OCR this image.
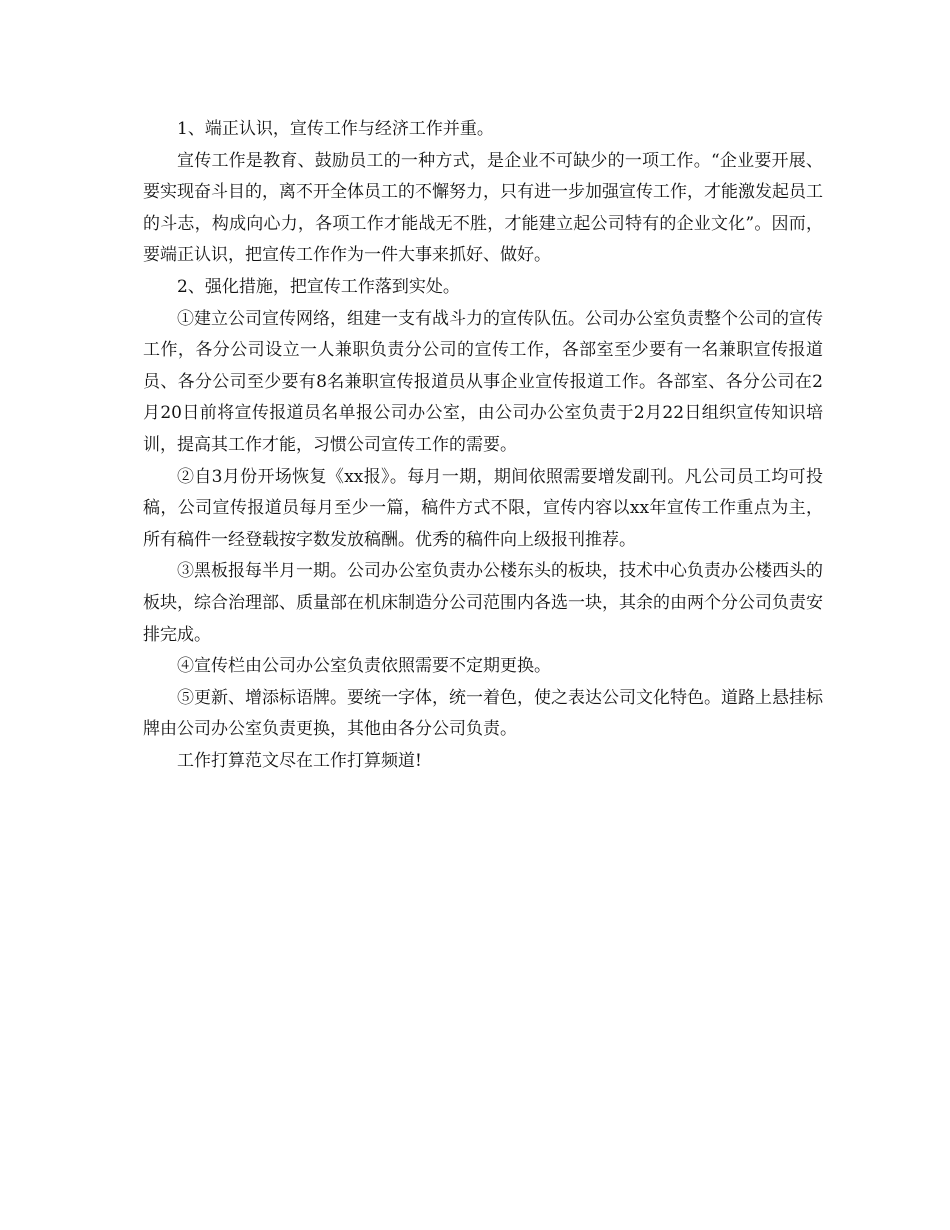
1、端正认识，宣传工作与经济工作并重。

宣传工作是教育、鼓励员工的一种方式，是企业不可缺少的一项工作。“企业要开展、要实现奋斗目的，离不开全体员工的不懈努力，只有进一步加强宣传工作，才能激发起员工的斗志，构成向心力，各项工作才能战无不胜，才能建立起公司特有的企业文化”。因而，要端正认识，把宣传工作作为一件大事来抓好、做好。

2、强化措施，把宣传工作落到实处。

①建立公司宣传网络，组建一支有战斗力的宣传队伍。公司办公室负责整个公司的宣传工作，各分公司设立一人兼职负责分公司的宣传工作，各部室至少要有一名兼职宣传报道员、各分公司至少要有8名兼职宣传报道员从事企业宣传报道工作。各部室、各分公司在2月20日前将宣传报道员名单报公司办公室，由公司办公室负责于2月22日组织宣传知识培训，提高其工作才能，习惯公司宣传工作的需要。

②自3月份开场恢复《xx报》。每月一期，期间依照需要增发副刊。凡公司员工均可投稿，公司宣传报道员每月至少一篇，稿件方式不限，宣传内容以xx年宣传工作重点为主，所有稿件一经登载按字数发放稿酬。优秀的稿件向上级报刊推荐。

③黑板报每半月一期。公司办公室负责办公楼东头的板块，技术中心负责办公楼西头的板块，综合治理部、质量部在机床制造分公司范围内各选一块，其余的由两个分公司负责安排完成。

④宣传栏由公司办公室负责依照需要不定期更换。

⑤更新、增添标语牌。要统一字体，统一着色，使之表达公司文化特色。道路上悬挂标牌由公司办公室负责更换，其他由各分公司负责。

工作打算范文尽在工作打算频道!
